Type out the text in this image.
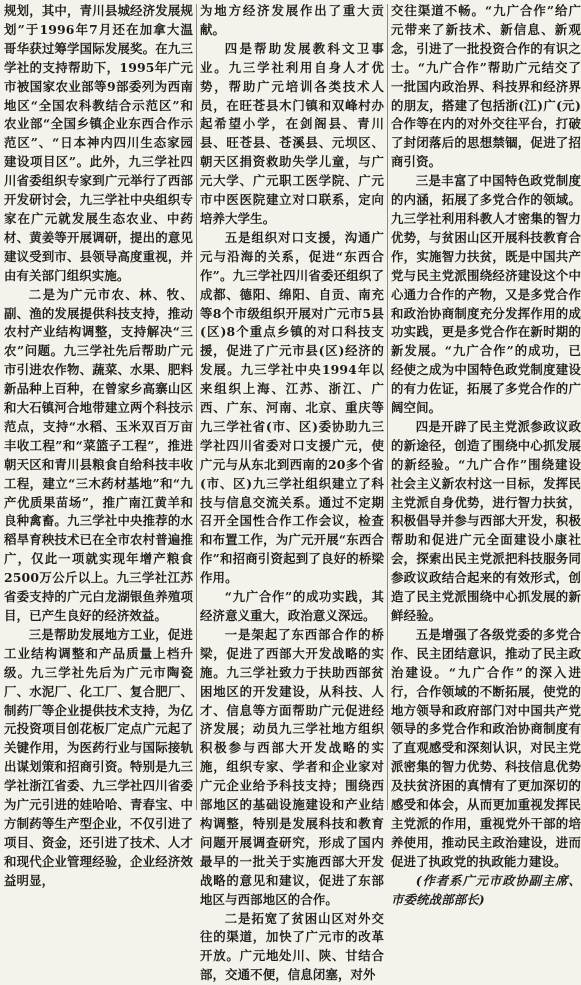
规划，其中，青川县城经济发展规划”于1996年7月还在加拿大温哥华获过筹学国际发展奖。在九三学社的支持帮助下，1995年广元市被国家农业部等9部委列为西南地区“全国农科教结合示范区”和农业部“全国乡镇企业东西合作示范区”、“日本神内四川生态家园建设项目区”。此外，九三学社四川省委组织专家到广元举行了西部开发研讨会，九三学社中央组织专家在广元就发展生态农业、中药材、黄姜等开展调研，提出的意见建议受到市、县领导高度重视，并由有关部门组织实施。

二是为广元市农、林、牧、副、渔的发展提供科技支持，推动农村产业结构调整，支持解决“三农”问题。九三学社先后帮助广元市引进农作物、蔬菜、水果、肥料新品种上百种，在曾家乡高寨山区和大石镇河合地带建立两个科技示范点，支持“水稻、玉米双百万亩丰收工程”和“菜篮子工程”，推进朝天区和青川县粮食自给科技丰收工程，建立“三木药材基地”和“九产优质果苗场”，推广南江黄羊和良种禽畜。九三学社中央推荐的水稻旱育秧技术已在全市农村普遍推广，仅此一项就实现年增产粮食2500万公斤以上。九三学社江苏省委支持的广元白龙湖银鱼养殖项目，已产生良好的经济效益。

三是帮助发展地方工业，促进工业结构调整和产品质量上档升级。九三学社先后为广元市陶瓷厂、水泥厂、化工厂、复合肥厂、制药厂等企业提供技术支持，为亿元投资项目创花板厂定点广元起了关键作用，为医药行业与国际接轨出谋划策和招商引资。特别是九三学社浙江省委、九三学社四川省委为广元引进的娃哈哈、青春宝、中方制药等生产型企业，不仅引进了项目、资金，还引进了技术、人才和现代企业管理经验，企业经济效益明显，

为地方经济发展作出了重大贡献。

四是帮助发展教科文卫事业。九三学社利用自身人才优势，帮助广元培训各类技术人员，在旺苍县木门镇和双峰村办起希望小学，在剑阁县、青川县、旺苍县、苍溪县、元坝区、朝天区捐资救助失学儿童，与广元大学、广元职工医学院、广元市中医医院建立对口联系，定向培养大学生。

五是组织对口支援，沟通广元与沿海的关系，促进“东西合作”。九三学社四川省委还组织了成都、德阳、绵阳、自贡、南充等8个市级组织开展对广元市5县(区)8个重点乡镇的对口科技支援，促进了广元市县(区)经济的发展。九三学社中央1994年以来组织上海、江苏、浙江、广西、广东、河南、北京、重庆等九三学社省(市、区)委协助九三学社四川省委对口支援广元，使广元与从东北到西南的20多个省(市、区)九三学社组织建立了科技与信息交流关系。通过不定期召开全国性合作工作会议，检查和布置工作，为广元开展“东西合作”和招商引资起到了良好的桥梁作用。

“九广合作”的成功实践，其经济意义重大，政治意义深远。

一是架起了东西部合作的桥梁，促进了西部大开发战略的实施。九三学社致力于扶助西部贫困地区的开发建设，从科技、人才、信息等方面帮助广元促进经济发展；动员九三学社地方组织积极参与西部大开发战略的实施，组织专家、学者和企业家对广元企业给予科技支持；围绕西部地区的基础设施建设和产业结构调整，特别是发展科技和教育问题开展调查研究，形成了国内最早的一批关于实施西部大开发战略的意见和建议，促进了东部地区与西部地区的合作。

二是拓宽了贫困山区对外交往的渠道，加快了广元市的改革开放。广元地处川、陕、甘结合部，交通不便，信息闭塞，对外

交往渠道不畅。“九广合作”给广元带来了新技术、新信息、新观念，引进了一批投资合作的有识之士。“九广合作”帮助广元结交了一批国内政治界、科技界和经济界的朋友，搭建了包括浙(江)广(元)合作等在内的对外交往平台，打破了封闭落后的思想禁锢，促进了招商引资。

三是丰富了中国特色政党制度的内涵，拓展了多党合作的领域。九三学社利用科教人才密集的智力优势，与贫困山区开展科技教育合作，实施智力扶贫，既是中国共产党与民主党派围绕经济建设这个中心通力合作的产物，又是多党合作和政治协商制度充分发挥作用的成功实践，更是多党合作在新时期的新发展。“九广合作”的成功，已经使之成为中国特色政党制度建设的有力佐证，拓展了多党合作的广阔空间。

四是开辟了民主党派参政议政的新途径，创造了围绕中心抓发展的新经验。“九广合作”围绕建设社会主义新农村这一目标，发挥民主党派自身优势，进行智力扶贫，积极倡导并参与西部大开发，积极帮助和促进广元全面建设小康社会，探索出民主党派把科技服务同参政议政结合起来的有效形式，创造了民主党派围绕中心抓发展的新鲜经验。

五是增强了各级党委的多党合作、民主团结意识，推动了民主政治建设。“九广合作”的深入进行，合作领域的不断拓展，使党的地方领导和政府部门对中国共产党领导的多党合作和政治协商制度有了直观感受和深刻认识，对民主党派密集的智力优势、科技信息优势及扶贫济困的真情有了更加深切的感受和体会，从而更加重视发挥民主党派的作用，重视党外干部的培养使用，推动民主政治建设，进而促进了执政党的执政能力建设。

(作者系广元市政协副主席、市委统战部部长)
